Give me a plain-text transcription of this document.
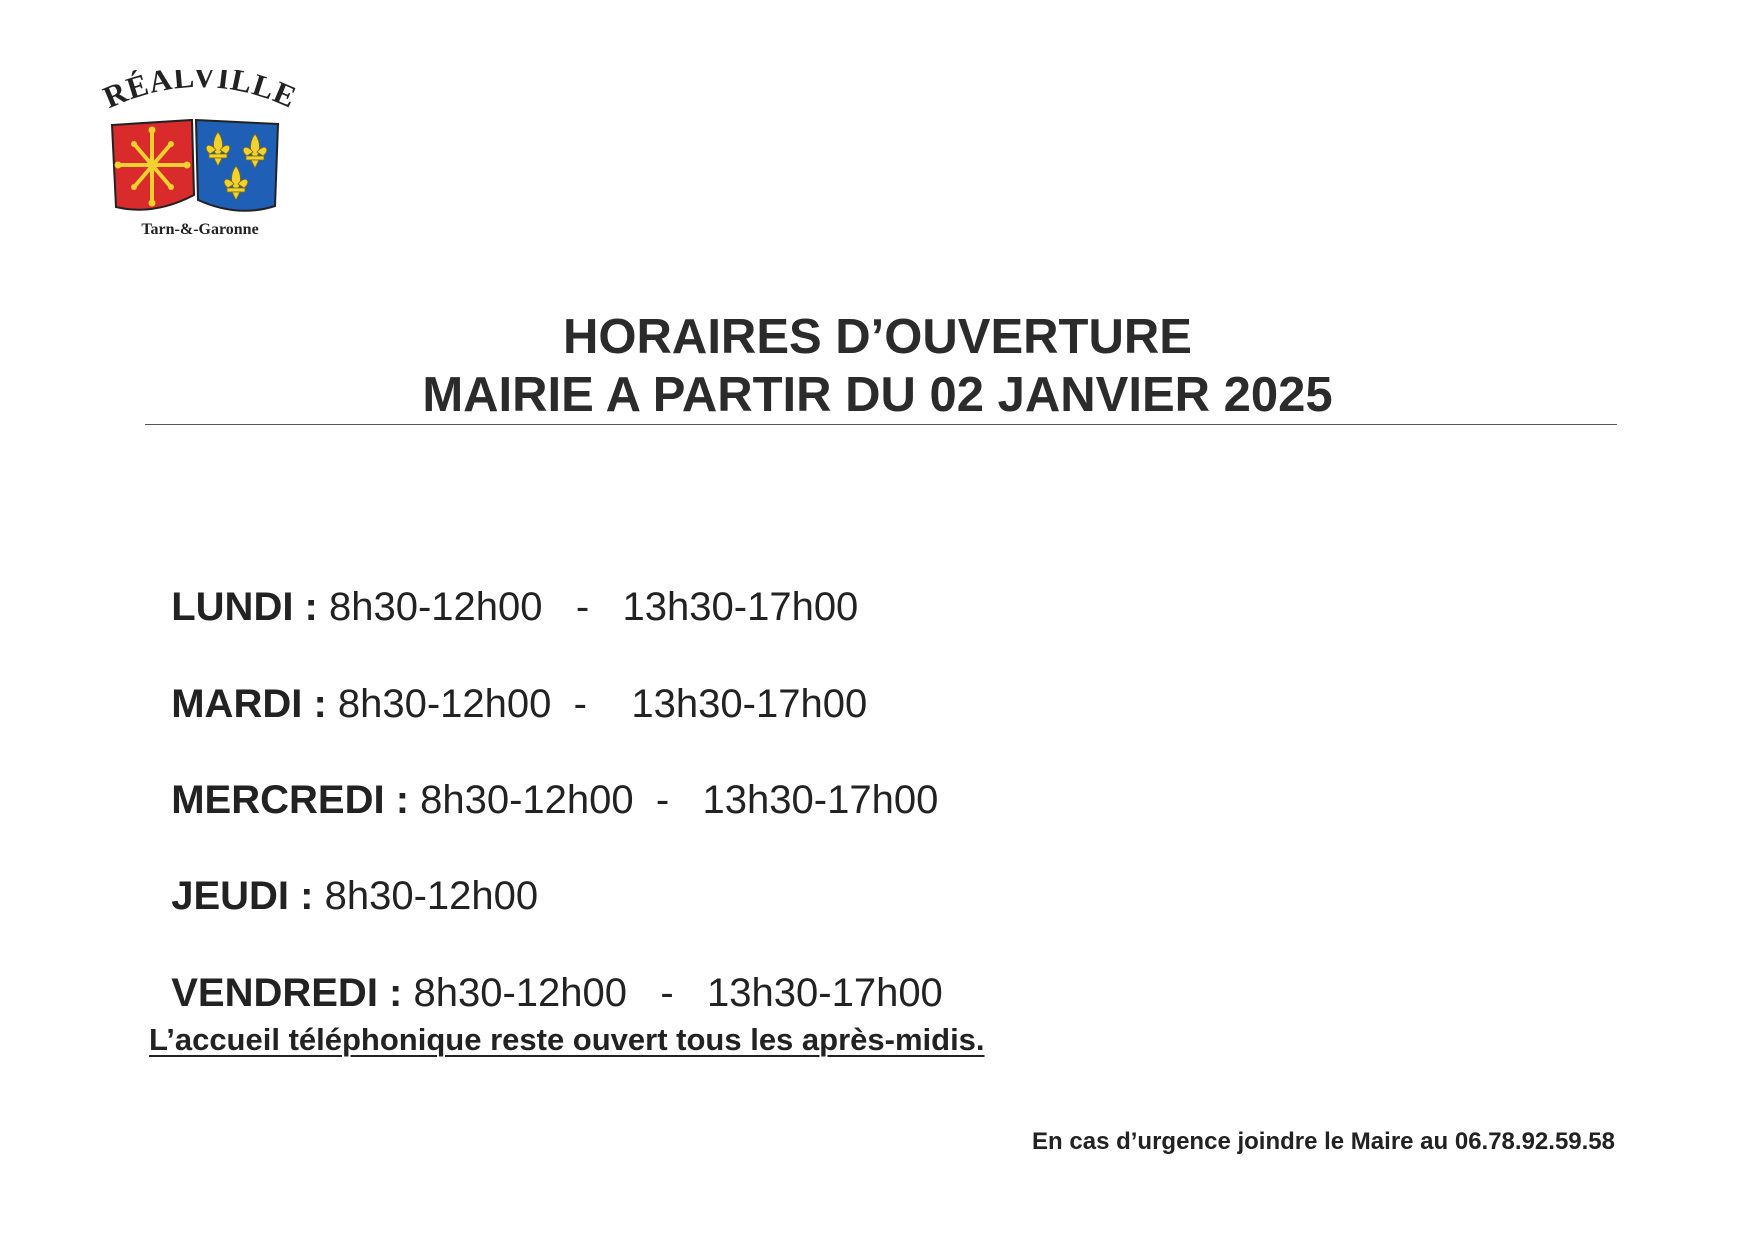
RÉALVILLE
Tarn-&-Garonne
HORAIRES D’OUVERTURE
MAIRIE A PARTIR DU 02 JANVIER 2025

LUNDI : 8h30-12h00   -   13h30-17h00

MARDI : 8h30-12h00  -    13h30-17h00

MERCREDI : 8h30-12h00  -   13h30-17h00

JEUDI : 8h30-12h00

VENDREDI : 8h30-12h00   -   13h30-17h00

L’accueil téléphonique reste ouvert tous les après-midis.
En cas d’urgence joindre le Maire au 06.78.92.59.58
